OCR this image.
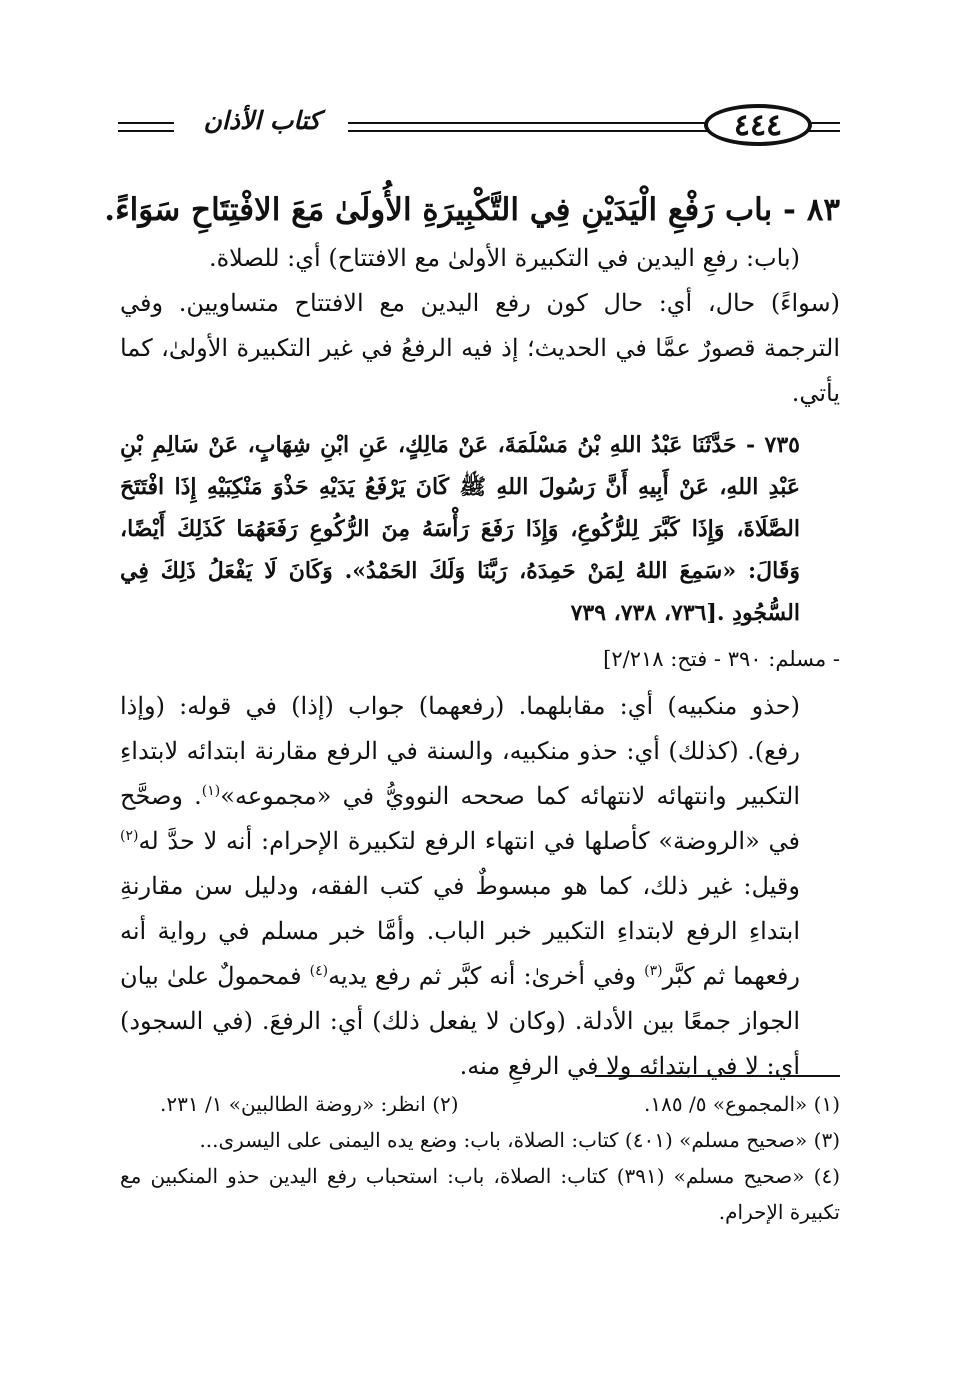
٤٤٤
كتاب الأذان
٨٣ - باب رَفْعِ الْيَدَيْنِ فِي التَّكْبِيرَةِ الأُولَىٰ مَعَ الافْتِتَاحِ سَوَاءً.

(باب: رفعِ اليدين في التكبيرة الأولىٰ مع الافتتاح) أي: للصلاة.

(سواءً) حال، أي: حال كون رفع اليدين مع الافتتاح متساويين. وفي الترجمة قصورٌ عمَّا في الحديث؛ إذ فيه الرفعُ في غير التكبيرة الأولىٰ، كما يأتي.

٧٣٥ - حَدَّثَنَا عَبْدُ اللهِ بْنُ مَسْلَمَةَ، عَنْ مَالِكٍ، عَنِ ابْنِ شِهَابٍ، عَنْ سَالِمِ بْنِ عَبْدِ اللهِ، عَنْ أَبِيهِ أَنَّ رَسُولَ اللهِ ﷺ كَانَ يَرْفَعُ يَدَيْهِ حَذْوَ مَنْكِبَيْهِ إِذَا افْتَتَحَ الصَّلَاةَ، وَإِذَا كَبَّرَ لِلرُّكُوعِ، وَإِذَا رَفَعَ رَأْسَهُ مِنَ الرُّكُوعِ رَفَعَهُمَا كَذَلِكَ أَيْضًا، وَقَالَ: «سَمِعَ اللهُ لِمَنْ حَمِدَهُ، رَبَّنَا وَلَكَ الحَمْدُ». وَكَانَ لَا يَفْعَلُ ذَلِكَ فِي السُّجُودِ .[٧٣٦، ٧٣٨، ٧٣٩

- مسلم: ٣٩٠ - فتح: ٢/٢١٨]

(حذو منكبيه) أي: مقابلهما. (رفعهما) جواب (إذا) في قوله: (وإذا رفع). (كذلك) أي: حذو منكبيه، والسنة في الرفع مقارنة ابتدائه لابتداءِ التكبير وانتهائه لانتهائه كما صححه النوويُّ في «مجموعه»$^{(١)}$. وصحَّح في «الروضة» كأصلها في انتهاء الرفع لتكبيرة الإحرام: أنه لا حدَّ له$^{(٢)}$ وقيل: غير ذلك، كما هو مبسوطٌ في كتب الفقه، ودليل سن مقارنةِ ابتداءِ الرفع لابتداءِ التكبير خبر الباب. وأمَّا خبر مسلم في رواية أنه رفعهما ثم كبَّر$^{(٣)}$ وفي أخرىٰ: أنه كبَّر ثم رفع يديه$^{(٤)}$ فمحمولٌ علىٰ بيان الجواز جمعًا بين الأدلة. (وكان لا يفعل ذلك) أي: الرفعَ. (في السجود) أي: لا في ابتدائه ولا في الرفعِ منه.

(١) «المجموع» ٥/ ١٨٥.
(٢) انظر: «روضة الطالبين» ١/ ٢٣١.

(٣) «صحيح مسلم» (٤٠١) كتاب: الصلاة، باب: وضع يده اليمنى على اليسرى...

(٤) «صحيح مسلم» (٣٩١) كتاب: الصلاة، باب: استحباب رفع اليدين حذو المنكبين مع تكبيرة الإحرام.
